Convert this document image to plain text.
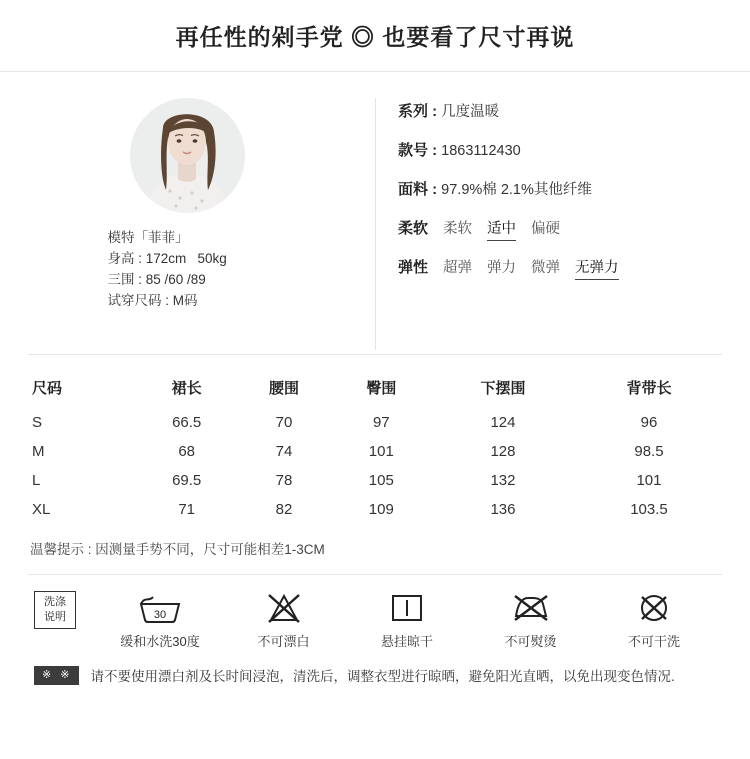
再任性的剁手党 ◎ 也要看了尺寸再说
模特「菲菲」
身高 : 172cm   50kg
三围 : 85 /60 /89
试穿尺码 : M码
系列 : 几度温暖
款号 : 1863112430
面料 : 97.9%棉 2.1%其他纤维
柔软 柔软 适中 偏硬
弹性 超弹 弹力 微弹 无弹力
尺码	裙长	腰围	臀围	下摆围	背带长
S	66.5	70	97	124	96
M	68	74	101	128	98.5
L	69.5	78	105	132	101
XL	71	82	109	136	103.5
温馨提示 : 因测量手势不同，尺寸可能相差1-3CM
洗涤
说明	30
缓和水洗30度	不可漂白	悬挂晾干	不可熨烫	不可干洗
※ ※	请不要使用漂白剂及长时间浸泡，清洗后，调整衣型进行晾晒，避免阳光直晒，以免出现变色情况.
